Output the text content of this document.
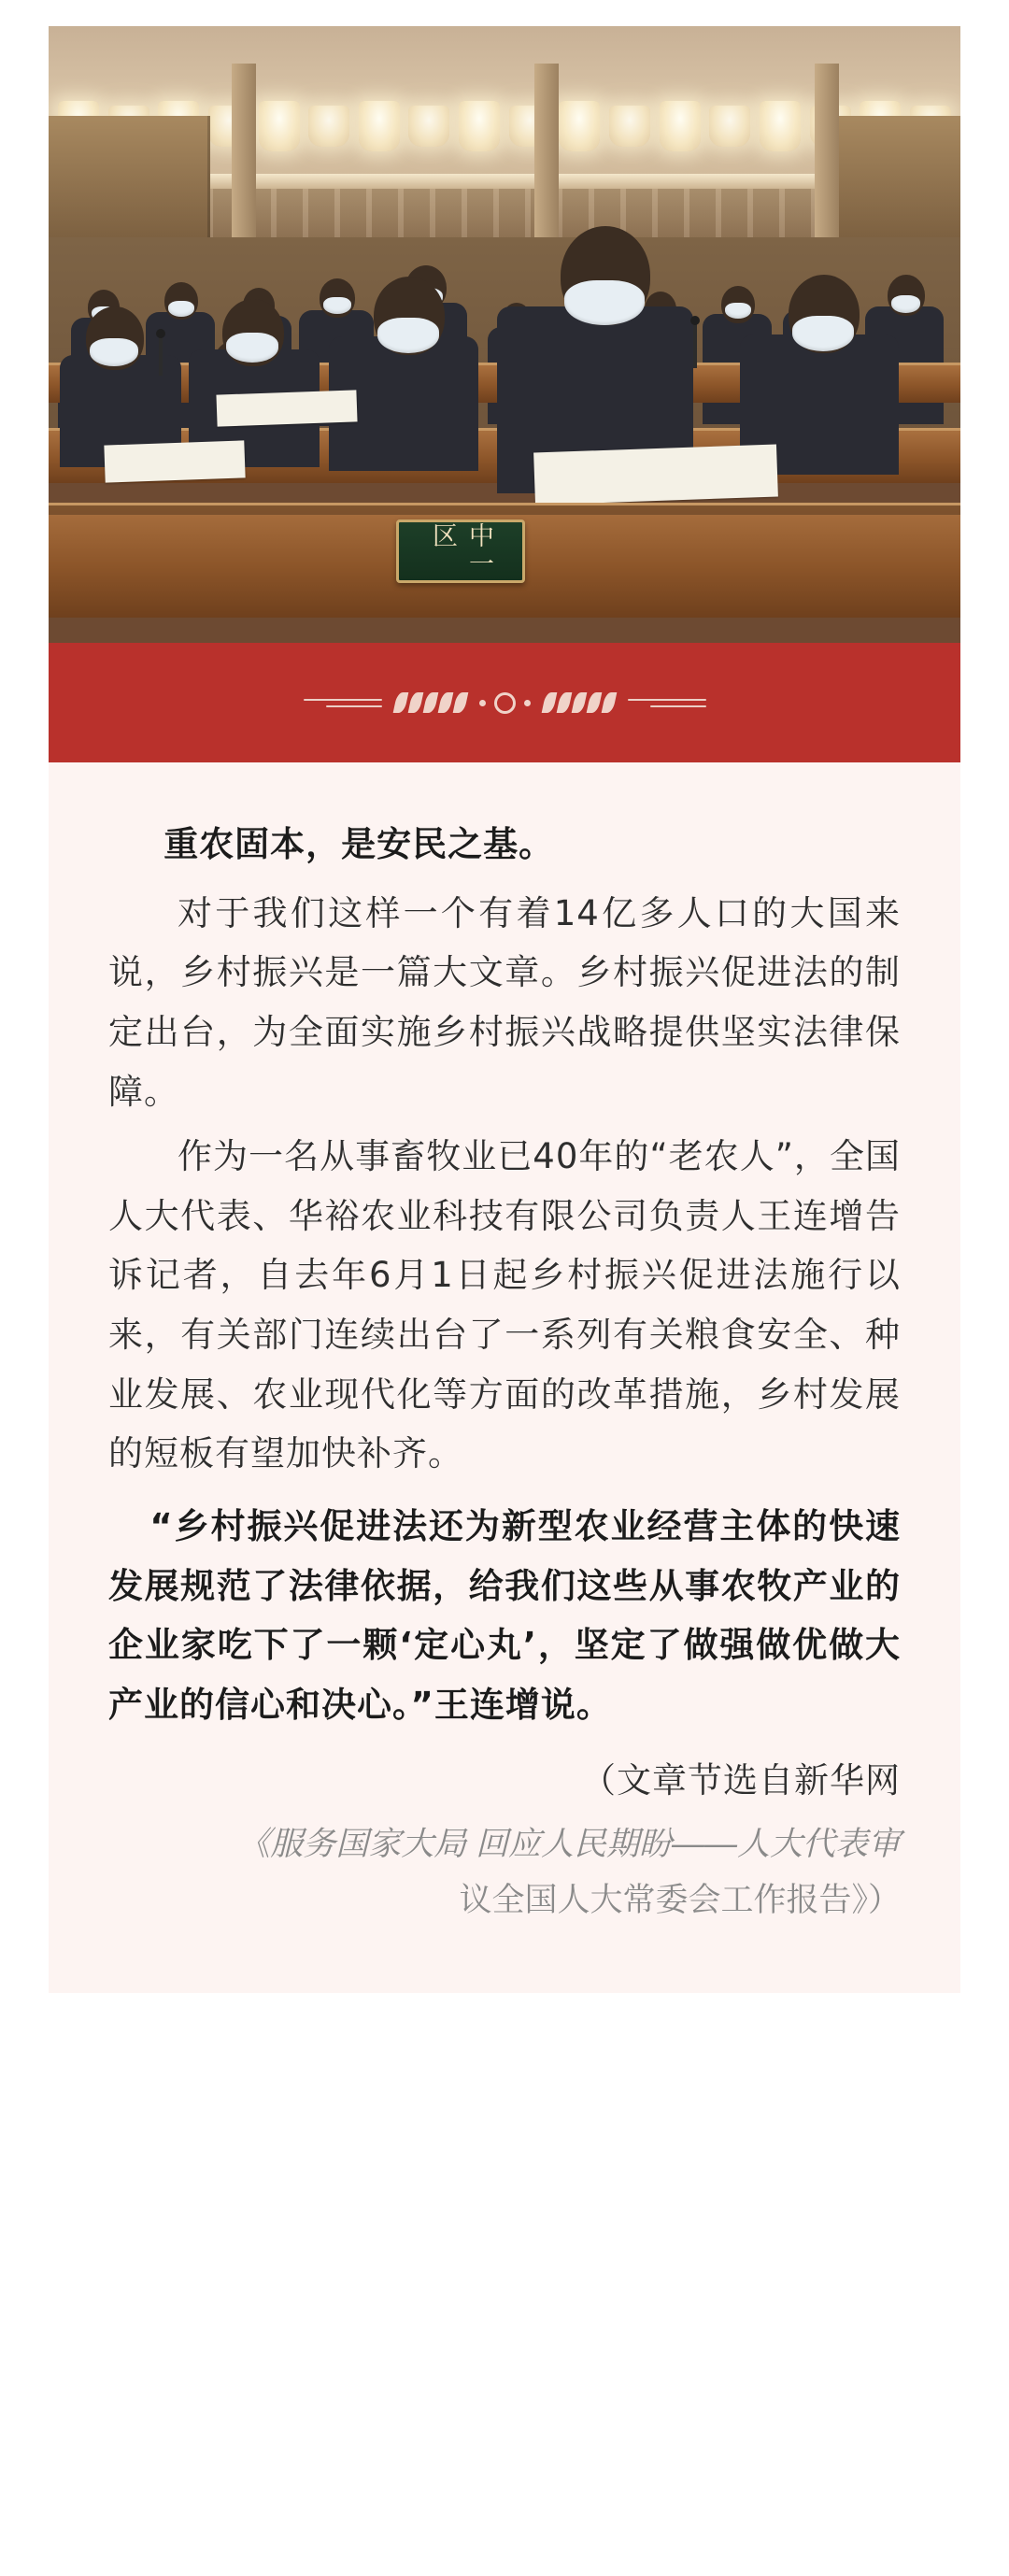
中一区

重农固本，是安民之基。

对于我们这样一个有着14亿多人口的大国来说，乡村振兴是一篇大文章。乡村振兴促进法的制定出台，为全面实施乡村振兴战略提供坚实法律保障。

作为一名从事畜牧业已40年的“老农人”，全国人大代表、华裕农业科技有限公司负责人王连增告诉记者，自去年6月1日起乡村振兴促进法施行以来，有关部门连续出台了一系列有关粮食安全、种业发展、农业现代化等方面的改革措施，乡村发展的短板有望加快补齐。

“乡村振兴促进法还为新型农业经营主体的快速发展规范了法律依据，给我们这些从事农牧产业的企业家吃下了一颗‘定心丸’，坚定了做强做优做大产业的信心和决心。”王连增说。

（文章节选自新华网

《服务国家大局 回应人民期盼——人大代表审

议全国人大常委会工作报告》）
